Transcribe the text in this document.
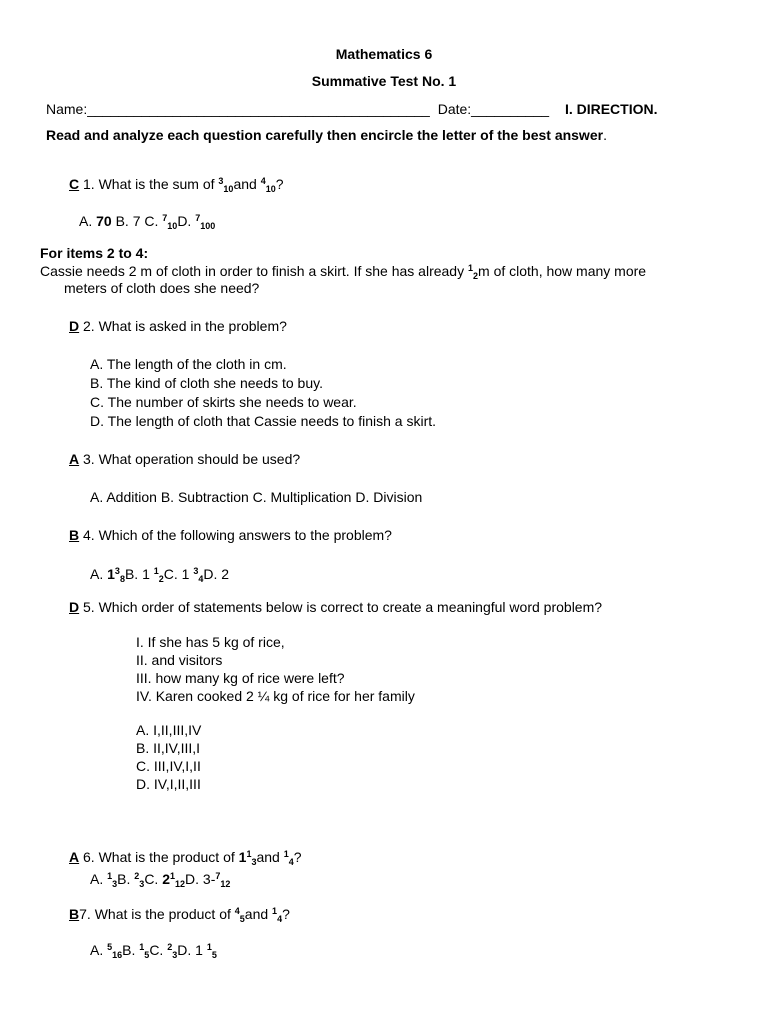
Mathematics 6
Summative Test No. 1
Name:____________________________________________ Date:__________ I. DIRECTION.
Read and analyze each question carefully then encircle the letter of the best answer.
C 1. What is the sum of $^3_{10}$and $^4_{10}$?
A. 70 B. 7 C. $^7_{10}$D. $^7_{100}$
For items 2 to 4:
Cassie needs 2 m of cloth in order to finish a skirt. If she has already $^1_2$m of cloth, how many more
meters of cloth does she need?
D 2. What is asked in the problem?
A. The length of the cloth in cm.
B. The kind of cloth she needs to buy.
C. The number of skirts she needs to wear.
D. The length of cloth that Cassie needs to finish a skirt.
A 3. What operation should be used?
A. Addition B. Subtraction C. Multiplication D. Division
B 4. Which of the following answers to the problem?
A. $1^3_8B$. 1 $^1_2$C. 1 $^3_4$D. 2
D 5. Which order of statements below is correct to create a meaningful word problem?
I. If she has 5 kg of rice,
II. and visitors
III. how many kg of rice were left?
IV. Karen cooked 2 ¼ kg of rice for her family
A. I,II,III,IV
B. II,IV,III,I
C. III,IV,I,II
D. IV,I,II,III
A 6. What is the product of $1^1_3and$ $^1_4$?
A. $^1_3$B. $^2_3$C. $2^1_{12}D$. 3-$^7_{12}$
B7. What is the product of $^4_5$and $^1_4$?
A. $^5_{16}$B. $^1_5$C. $^2_3$D. 1 $^1_5$
